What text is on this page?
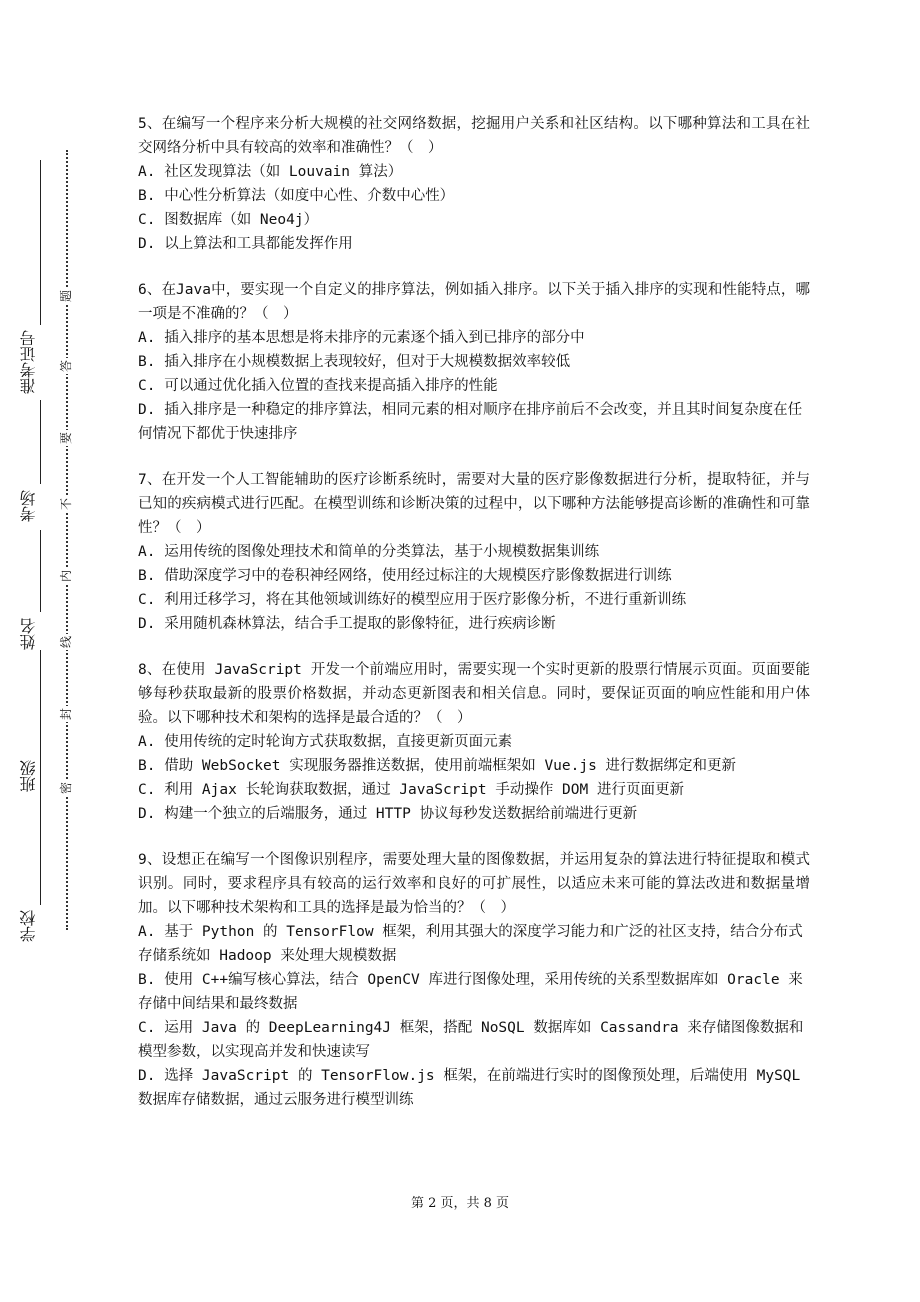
学校
班级
姓名
考场
准考证号
密
封
线
内
不
要
答
题

5、在编写一个程序来分析大规模的社交网络数据，挖掘用户关系和社区结构。以下哪种算法和工具在社交网络分析中具有较高的效率和准确性？（　）

A. 社区发现算法（如 Louvain 算法）

B. 中心性分析算法（如度中心性、介数中心性）

C. 图数据库（如 Neo4j）

D. 以上算法和工具都能发挥作用

6、在Java中，要实现一个自定义的排序算法，例如插入排序。以下关于插入排序的实现和性能特点，哪一项是不准确的？（　）

A. 插入排序的基本思想是将未排序的元素逐个插入到已排序的部分中

B. 插入排序在小规模数据上表现较好，但对于大规模数据效率较低

C. 可以通过优化插入位置的查找来提高插入排序的性能

D. 插入排序是一种稳定的排序算法，相同元素的相对顺序在排序前后不会改变，并且其时间复杂度在任何情况下都优于快速排序

7、在开发一个人工智能辅助的医疗诊断系统时，需要对大量的医疗影像数据进行分析，提取特征，并与已知的疾病模式进行匹配。在模型训练和诊断决策的过程中，以下哪种方法能够提高诊断的准确性和可靠性？（　）

A. 运用传统的图像处理技术和简单的分类算法，基于小规模数据集训练

B. 借助深度学习中的卷积神经网络，使用经过标注的大规模医疗影像数据进行训练

C. 利用迁移学习，将在其他领域训练好的模型应用于医疗影像分析，不进行重新训练

D. 采用随机森林算法，结合手工提取的影像特征，进行疾病诊断

8、在使用 JavaScript 开发一个前端应用时，需要实现一个实时更新的股票行情展示页面。页面要能够每秒获取最新的股票价格数据，并动态更新图表和相关信息。同时，要保证页面的响应性能和用户体验。以下哪种技术和架构的选择是最合适的？（　）

A. 使用传统的定时轮询方式获取数据，直接更新页面元素

B. 借助 WebSocket 实现服务器推送数据，使用前端框架如 Vue.js 进行数据绑定和更新

C. 利用 Ajax 长轮询获取数据，通过 JavaScript 手动操作 DOM 进行页面更新

D. 构建一个独立的后端服务，通过 HTTP 协议每秒发送数据给前端进行更新

9、设想正在编写一个图像识别程序，需要处理大量的图像数据，并运用复杂的算法进行特征提取和模式识别。同时，要求程序具有较高的运行效率和良好的可扩展性，以适应未来可能的算法改进和数据量增加。以下哪种技术架构和工具的选择是最为恰当的？（　）

A. 基于 Python 的 TensorFlow 框架，利用其强大的深度学习能力和广泛的社区支持，结合分布式存储系统如 Hadoop 来处理大规模数据

B. 使用 C++编写核心算法，结合 OpenCV 库进行图像处理，采用传统的关系型数据库如 Oracle 来存储中间结果和最终数据

C. 运用 Java 的 DeepLearning4J 框架，搭配 NoSQL 数据库如 Cassandra 来存储图像数据和模型参数，以实现高并发和快速读写

D. 选择 JavaScript 的 TensorFlow.js 框架，在前端进行实时的图像预处理，后端使用 MySQL 数据库存储数据，通过云服务进行模型训练

第 2 页，共 8 页
